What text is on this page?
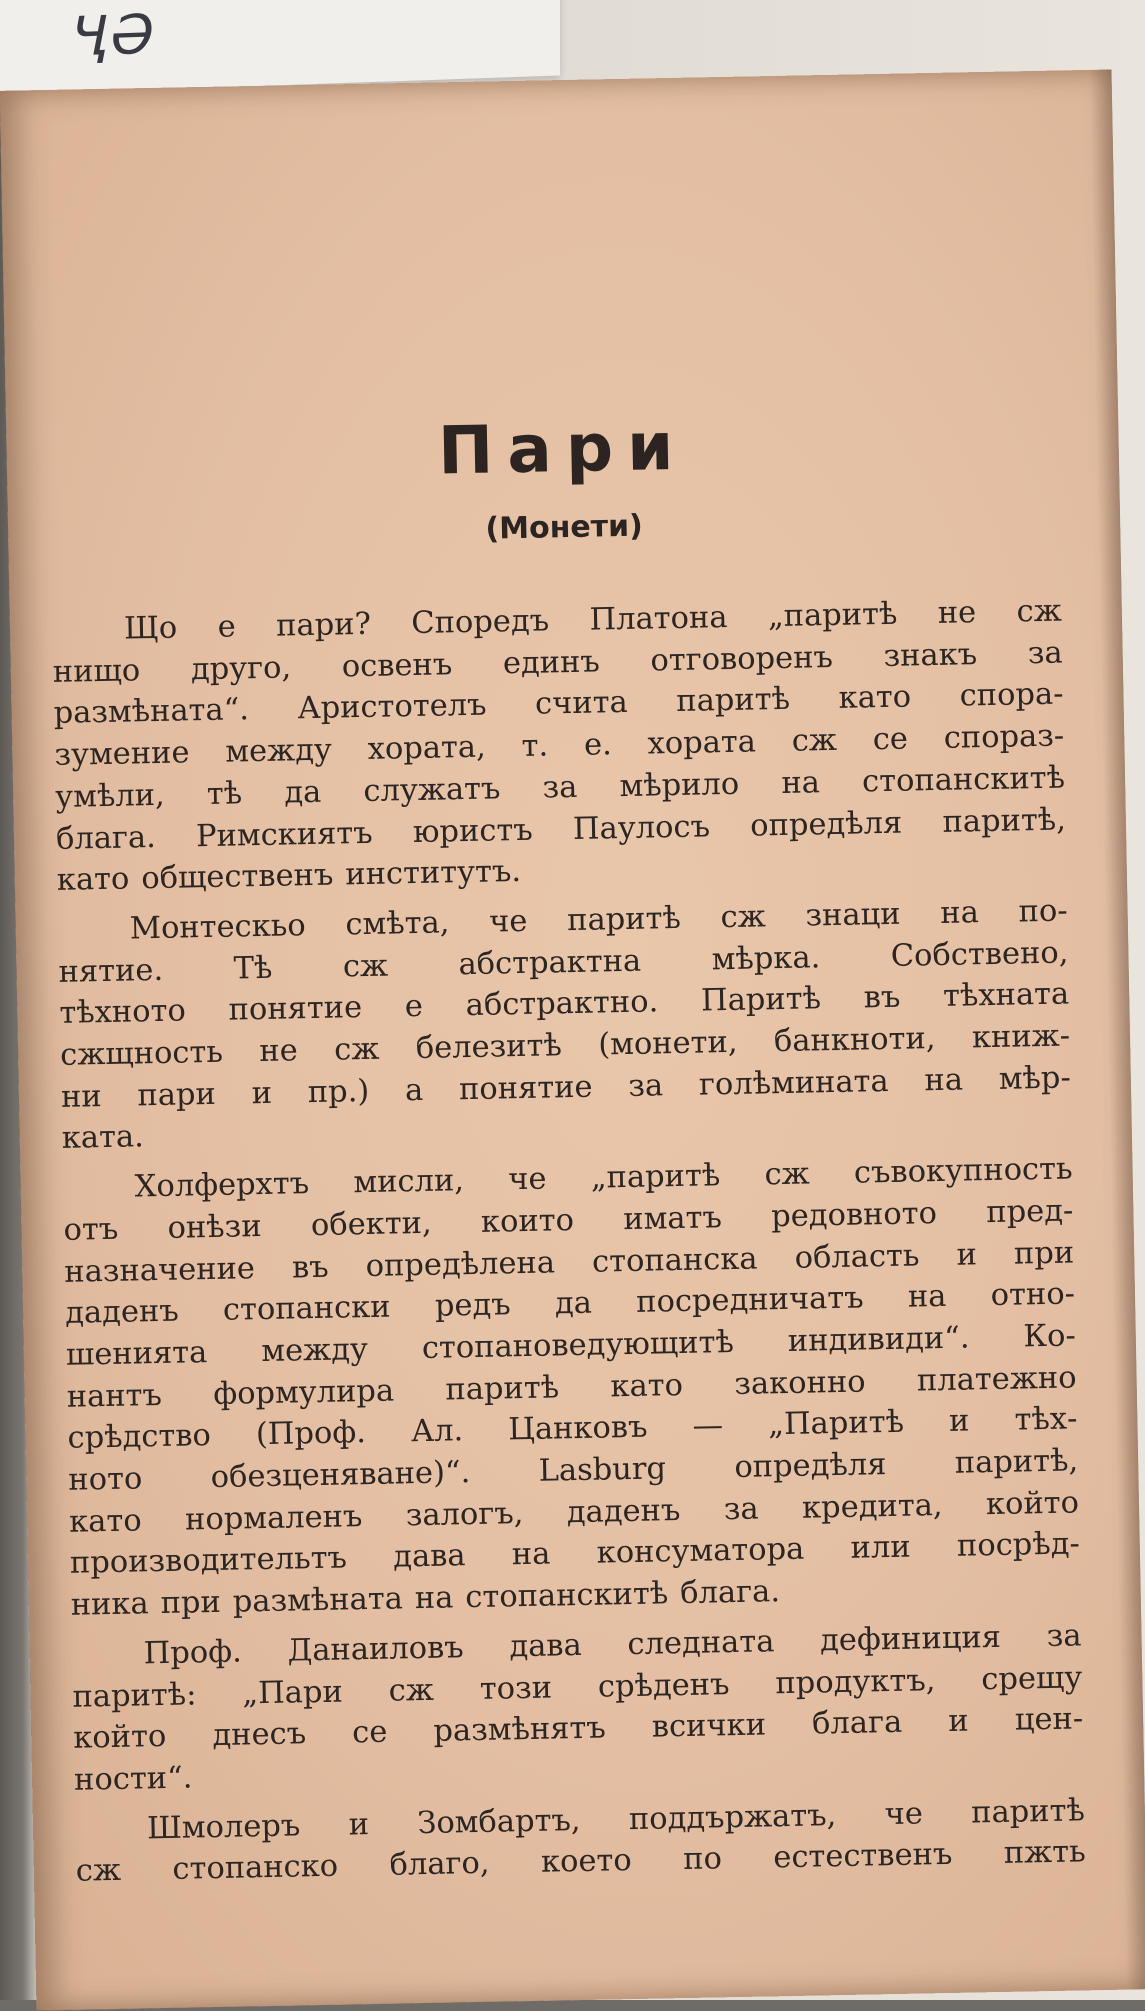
ҶӘ
Пари
(Монети)
Що е пари? Споредъ Платона „паритѣ не сж
нищо друго, освенъ единъ отговоренъ знакъ за
размѣната“. Аристотелъ счита паритѣ като спора-
зумение между хората, т. е. хората сж се спораз-
умѣли, тѣ да служатъ за мѣрило на стопанскитѣ
блага. Римскиятъ юристъ Паулосъ опредѣля паритѣ,
като общественъ институтъ.
Монтескьо смѣта, че паритѣ сж знаци на по-
нятие. Тѣ сж абстрактна мѣрка. Собствено,
тѣхното понятие е абстрактно. Паритѣ въ тѣхната
сжщность не сж белезитѣ (монети, банкноти, книж-
ни пари и пр.) а понятие за голѣмината на мѣр-
ката.
Холферхтъ мисли, че „паритѣ сж съвокупность
отъ онѣзи обекти, които иматъ редовното пред-
назначение въ опредѣлена стопанска область и при
даденъ стопански редъ да посредничатъ на отно-
шенията между стопановедующитѣ индивиди“. Ко-
нантъ формулира паритѣ като законно платежно
срѣдство (Проф. Ал. Цанковъ — „Паритѣ и тѣх-
ното обезценяване)“. Lasburg опредѣля паритѣ,
като нормаленъ залогъ, даденъ за кредита, който
производительтъ дава на консуматора или посрѣд-
ника при размѣната на стопанскитѣ блага.
Проф. Данаиловъ дава следната дефиниция за
паритѣ: „Пари сж този срѣденъ продуктъ, срещу
който днесъ се размѣнятъ всички блага и цен-
ности“.
Шмолеръ и Зомбартъ, поддържатъ, че паритѣ
сж стопанско благо, което по естественъ пжть
